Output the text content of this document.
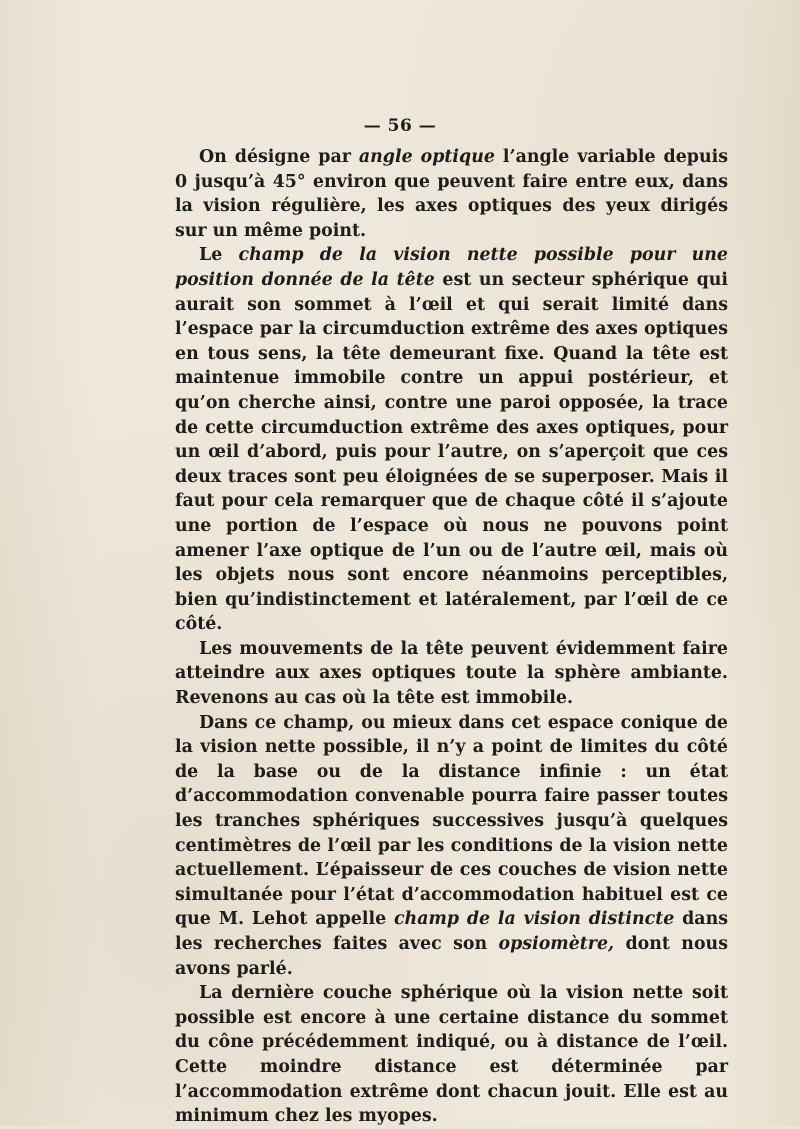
— 56 —

On désigne par angle optique l’angle variable depuis 0 jusqu’à 45° environ que peuvent faire entre eux, dans la vision régulière, les axes optiques des yeux dirigés sur un même point.

Le champ de la vision nette possible pour une position donnée de la tête est un secteur sphérique qui aurait son sommet à l’œil et qui serait limité dans l’espace par la circumduction extrême des axes optiques en tous sens, la tête demeurant fixe. Quand la tête est maintenue immobile contre un appui postérieur, et qu’on cherche ainsi, contre une paroi opposée, la trace de cette circumduction extrême des axes optiques, pour un œil d’abord, puis pour l’autre, on s’aperçoit que ces deux traces sont peu éloignées de se superposer. Mais il faut pour cela remarquer que de chaque côté il s’ajoute une portion de l’espace où nous ne pouvons point amener l’axe optique de l’un ou de l’autre œil, mais où les objets nous sont encore néanmoins perceptibles, bien qu’indistinctement et latéralement, par l’œil de ce côté.

Les mouvements de la tête peuvent évidemment faire atteindre aux axes optiques toute la sphère ambiante. Revenons au cas où la tête est immobile.

Dans ce champ, ou mieux dans cet espace conique de la vision nette possible, il n’y a point de limites du côté de la base ou de la distance infinie : un état d’accommodation convenable pourra faire passer toutes les tranches sphériques successives jusqu’à quelques centimètres de l’œil par les conditions de la vision nette actuellement. L’épaisseur de ces couches de vision nette simultanée pour l’état d’accommodation habituel est ce que M. Lehot appelle champ de la vision distincte dans les recherches faites avec son opsiomètre, dont nous avons parlé.

La dernière couche sphérique où la vision nette soit possible est encore à une certaine distance du sommet du cône précédemment indiqué, ou à distance de l’œil. Cette moindre distance est déterminée par l’accommodation extrême dont chacun jouit. Elle est au minimum chez les myopes.
